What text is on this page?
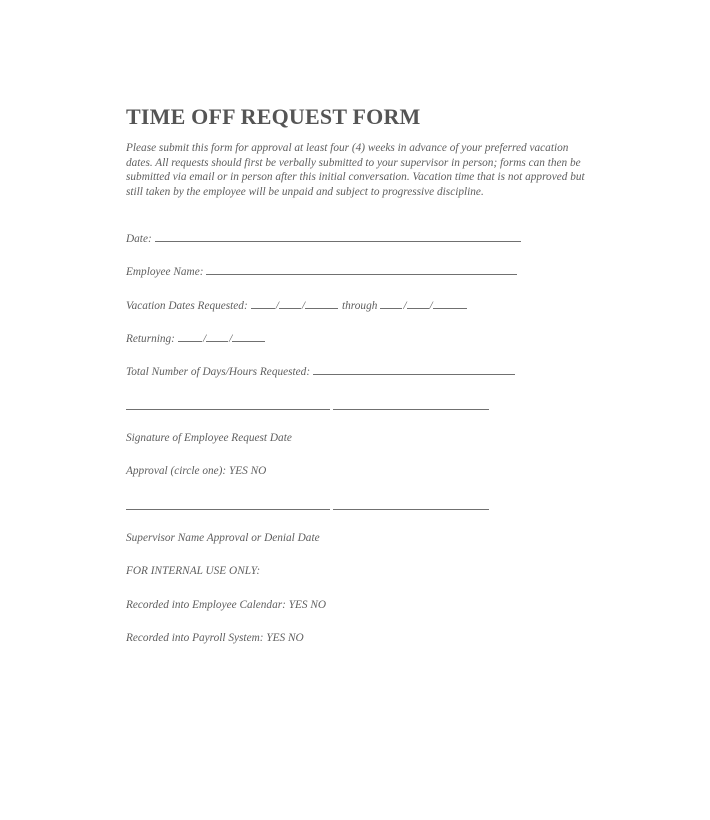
TIME OFF REQUEST FORM
Please submit this form for approval at least four (4) weeks in advance of your preferred vacation dates. All requests should first be verbally submitted to your supervisor in person; forms can then be submitted via email or in person after this initial conversation. Vacation time that is not approved but still taken by the employee will be unpaid and subject to progressive discipline.
Date:
Employee Name:
Vacation Dates Requested: / /	through / /
Returning: / /
Total Number of Days/Hours Requested:
Signature of Employee Request Date
Approval (circle one): YES NO
Supervisor Name Approval or Denial Date
FOR INTERNAL USE ONLY:
Recorded into Employee Calendar: YES NO
Recorded into Payroll System: YES NO
